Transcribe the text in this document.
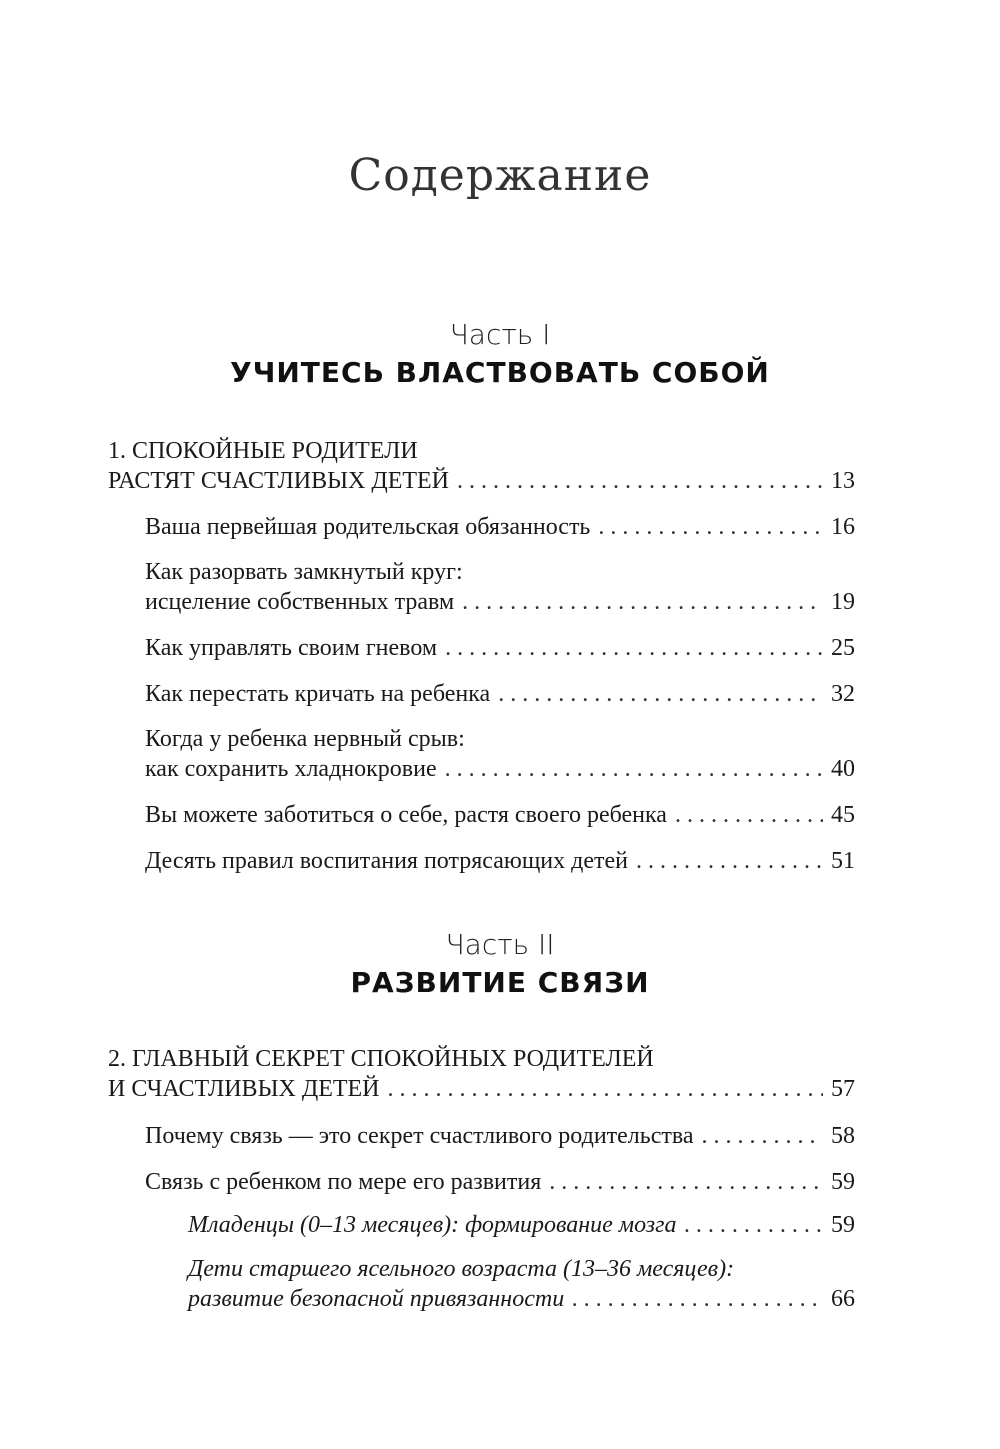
Содержание
Часть I
УЧИТЕСЬ ВЛАСТВОВАТЬ СОБОЙ
1. СПОКОЙНЫЕ РОДИТЕЛИ
РАСТЯТ СЧАСТЛИВЫХ ДЕТЕЙ . . .	13
Ваша первейшая родительская обязанность . . .	16
Как разорвать замкнутый круг:
исцеление собственных травм . . .	19
Как управлять своим гневом . . .	25
Как перестать кричать на ребенка . . .	32
Когда у ребенка нервный срыв:
как сохранить хладнокровие . . .	40
Вы можете заботиться о себе, растя своего ребенка . . .	45
Десять правил воспитания потрясающих детей . . .	51
Часть II
РАЗВИТИЕ СВЯЗИ
2. ГЛАВНЫЙ СЕКРЕТ СПОКОЙНЫХ РОДИТЕЛЕЙ
И СЧАСТЛИВЫХ ДЕТЕЙ . . .	57
Почему связь — это секрет счастливого родительства . . .	58
Связь с ребенком по мере его развития . . .	59
Младенцы (0–13 месяцев): формирование мозга . . .	59
Дети старшего ясельного возраста (13–36 месяцев):
развитие безопасной привязанности . . .	66
